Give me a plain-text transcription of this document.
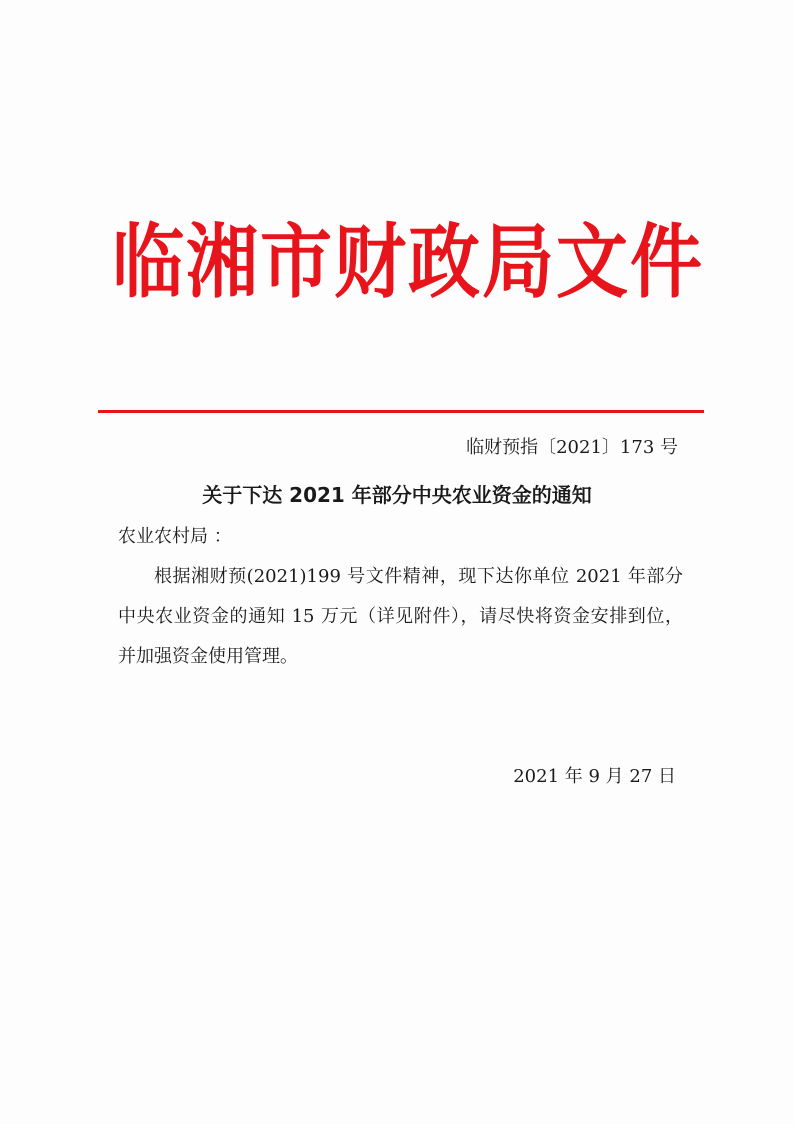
临湘市财政局文件
临财预指〔2021〕173 号
关于下达 2021 年部分中央农业资金的通知
农业农村局 ：
根据湘财预(2021)199 号文件精神，现下达你单位 2021 年部分中央农业资金的通知 15 万元（详见附件），请尽快将资金安排到位，并加强资金使用管理。
2021 年 9 月 27 日
